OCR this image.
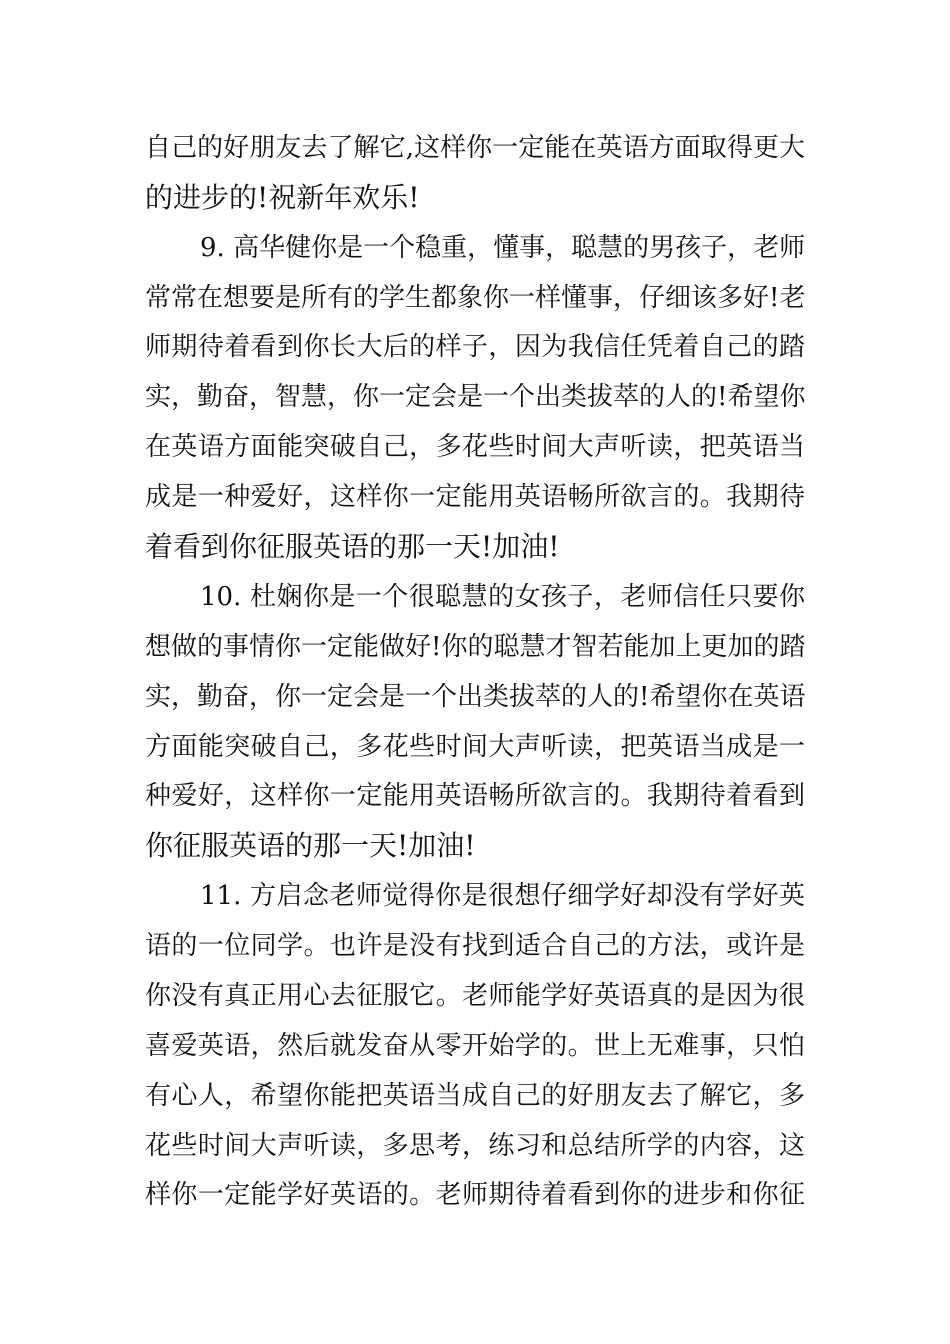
自己的好朋友去了解它,这样你一定能在英语方面取得更大
的进步的!祝新年欢乐!
9. 高华健你是一个稳重，懂事，聪慧的男孩子，老师
常常在想要是所有的学生都象你一样懂事，仔细该多好!老
师期待着看到你长大后的样子，因为我信任凭着自己的踏
实，勤奋，智慧，你一定会是一个出类拔萃的人的!希望你
在英语方面能突破自己，多花些时间大声听读，把英语当
成是一种爱好，这样你一定能用英语畅所欲言的。我期待
着看到你征服英语的那一天!加油!
10. 杜娴你是一个很聪慧的女孩子，老师信任只要你
想做的事情你一定能做好!你的聪慧才智若能加上更加的踏
实，勤奋，你一定会是一个出类拔萃的人的!希望你在英语
方面能突破自己，多花些时间大声听读，把英语当成是一
种爱好，这样你一定能用英语畅所欲言的。我期待着看到
你征服英语的那一天!加油!
11. 方启念老师觉得你是很想仔细学好却没有学好英
语的一位同学。也许是没有找到适合自己的方法，或许是
你没有真正用心去征服它。老师能学好英语真的是因为很
喜爱英语，然后就发奋从零开始学的。世上无难事，只怕
有心人，希望你能把英语当成自己的好朋友去了解它，多
花些时间大声听读，多思考，练习和总结所学的内容，这
样你一定能学好英语的。老师期待着看到你的进步和你征
